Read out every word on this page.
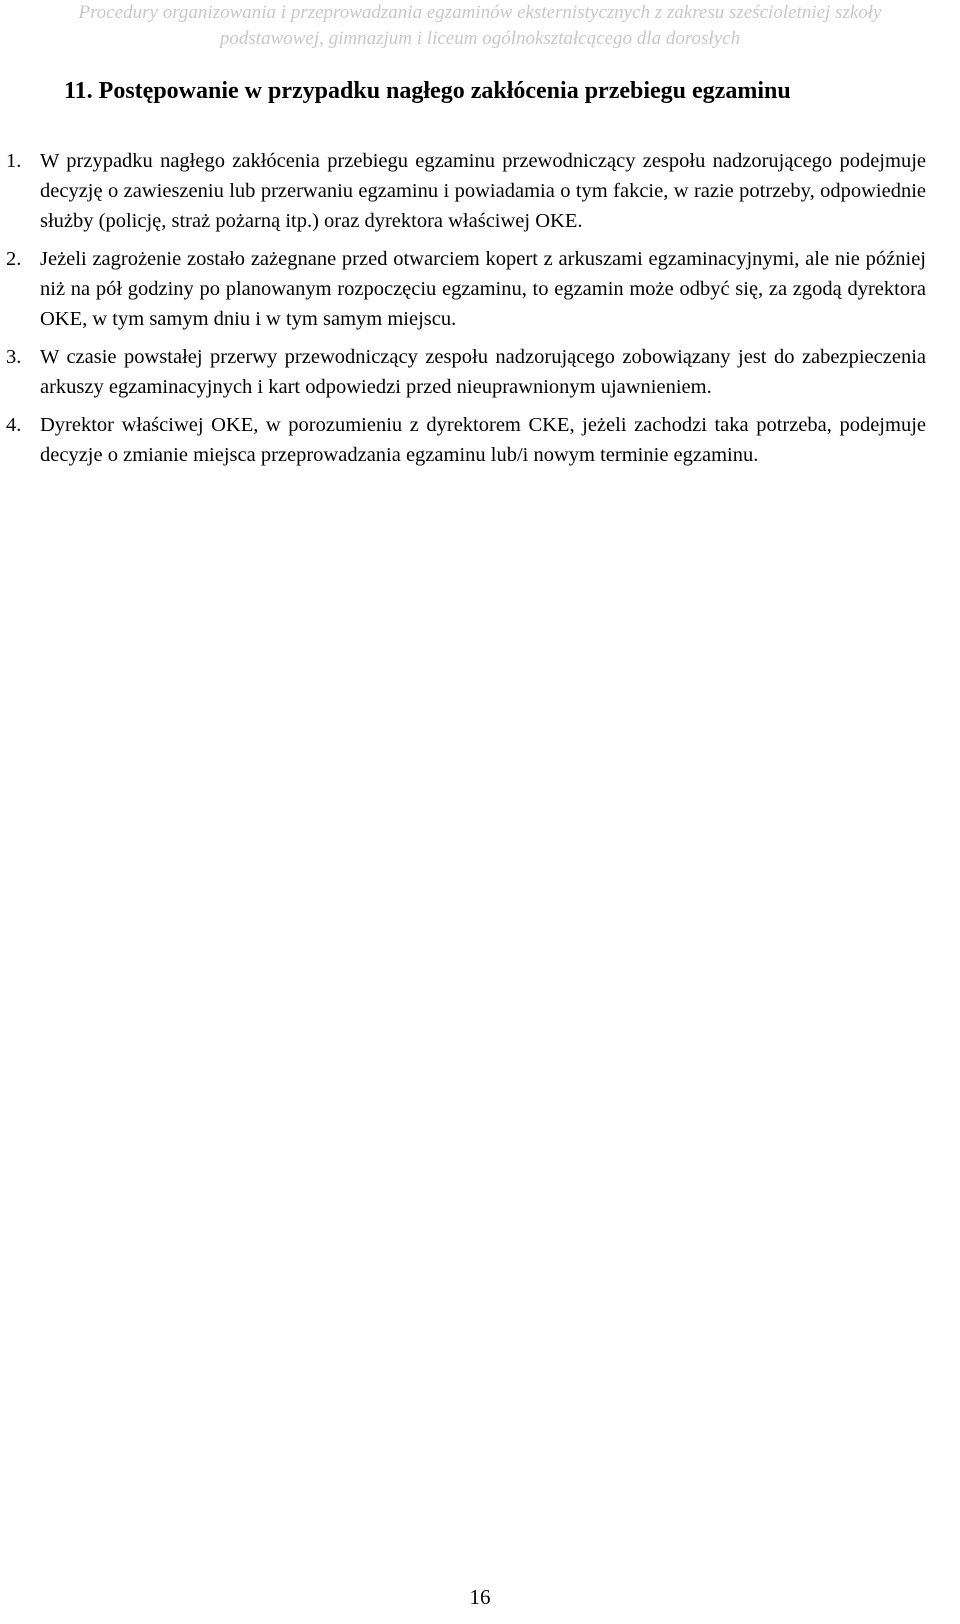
Procedury organizowania i przeprowadzania egzaminów eksternistycznych z zakresu sześcioletniej szkoły
podstawowej, gimnazjum i liceum ogólnokształcącego dla dorosłych
11. Postępowanie w przypadku nagłego zakłócenia przebiegu egzaminu
1. W przypadku nagłego zakłócenia przebiegu egzaminu przewodniczący zespołu nadzorującego podejmuje decyzję o zawieszeniu lub przerwaniu egzaminu i powiadamia o tym fakcie, w razie potrzeby, odpowiednie służby (policję, straż pożarną itp.) oraz dyrektora właściwej OKE.
2. Jeżeli zagrożenie zostało zażegnane przed otwarciem kopert z arkuszami egzaminacyjnymi, ale nie później niż na pół godziny po planowanym rozpoczęciu egzaminu, to egzamin może odbyć się, za zgodą dyrektora OKE, w tym samym dniu i w tym samym miejscu.
3. W czasie powstałej przerwy przewodniczący zespołu nadzorującego zobowiązany jest do zabezpieczenia arkuszy egzaminacyjnych i kart odpowiedzi przed nieuprawnionym ujawnieniem.
4. Dyrektor właściwej OKE, w porozumieniu z dyrektorem CKE, jeżeli zachodzi taka potrzeba, podejmuje decyzje o zmianie miejsca przeprowadzania egzaminu lub/i nowym terminie egzaminu.
16
